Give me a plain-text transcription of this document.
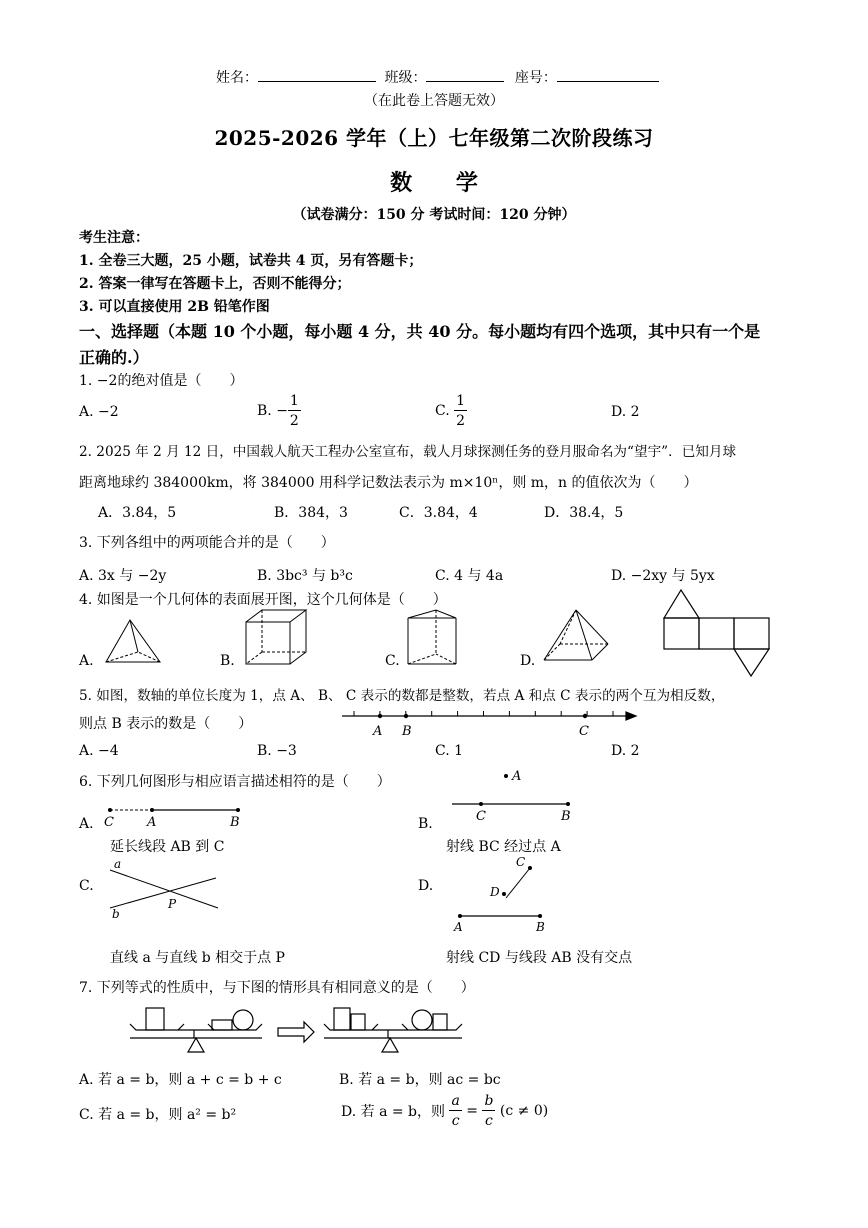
姓名：	班级：	座号：
（在此卷上答题无效）
2025-2026 学年（上）七年级第二次阶段练习
数 学
（试卷满分：150 分 考试时间：120 分钟）
考生注意：
1. 全卷三大题，25 小题，试卷共 4 页，另有答题卡；
2. 答案一律写在答题卡上，否则不能得分；
3. 可以直接使用 2B 铅笔作图
一、选择题（本题 10 个小题，每小题 4 分，共 40 分。每小题均有四个选项，其中只有一个是
正确的.）
1. −2的绝对值是（　　）
A. −2	B. − $\frac{1}{2}$	C. $\frac{1}{2}$	D. 2
2. 2025 年 2 月 12 日，中国载人航天工程办公室宣布，载人月球探测任务的登月服命名为“望宇”．已知月球
距离地球约 384000km，将 384000 用科学记数法表示为 m×10ⁿ，则 m，n 的值依次为（　　）
A．3.84，5	B．384，3	C．3.84，4	D．38.4，5
3. 下列各组中的两项能合并的是（　　）
A. 3x 与 −2y	B. 3bc³ 与 b³c	C. 4 与 4a	D. −2xy 与 5yx
4. 如图是一个几何体的表面展开图，这个几何体是（　　）
A.	B.	C.	D.
5. 如图，数轴的单位长度为 1，点 A、 B、 C 表示的数都是整数，若点 A 和点 C 表示的两个互为相反数，
则点 B 表示的数是（　　）	A B	C
A. −4	B. −3	C. 1	D. 2
6. 下列几何图形与相应语言描述相符的是（　　）
A.	B.
C.	D.
C	A	B
延长线段 AB 到 C
A
C	B
射线 BC 经过点 A
a
b
P
直线 a 与直线 b 相交于点 P
C
D
A	B
射线 CD 与线段 AB 没有交点
7. 下列等式的性质中，与下图的情形具有相同意义的是（　　）
A. 若 a = b，则 a + c = b + c	B. 若 a = b，则 ac = bc
C. 若 a = b，则 a² = b²	D. 若 a = b，则 $\frac{a}{c} = \frac{b}{c} (c \ne 0)$
